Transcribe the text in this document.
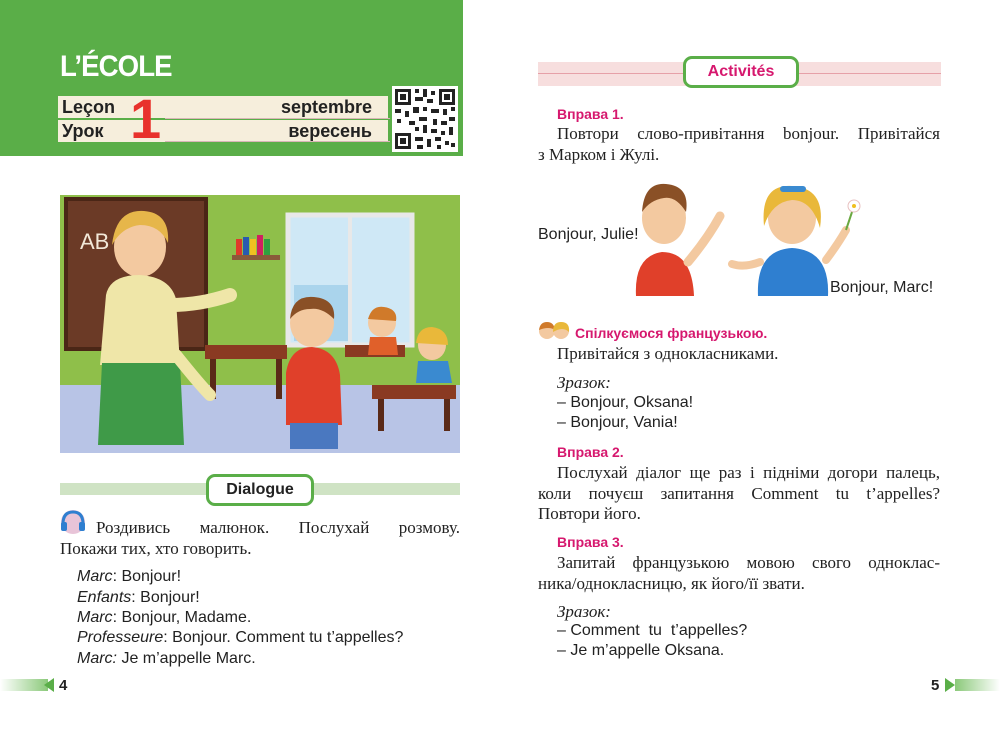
L’ÉCOLE
Leçon
Урок 1	septembre
вересень
AB
Dialogue
Роздивись малюнок. Послухай розмову.
Покажи тих, хто говорить.
Marc: Bonjour!
Enfants: Bonjour!
Marc: Bonjour, Madame.
Professeure: Bonjour. Comment tu t’appelles?
Marc: Je m’appelle Marc.
4
Activités
Вправа 1.
Повтори слово-привітання bonjour. Привітайся
з Марком і Жулі.
Bonjour, Julie!
Bonjour, Marc!
Спілкуємося французькою.
Привітайся з однокласниками.
Зразок:
– Bonjour, Oksana!
– Bonjour, Vania!
Вправа 2.
Послухай діалог ще раз і підніми догори палець,
коли почуєш запитання Comment tu t’appelles?
Повтори його.
Вправа 3.
Запитай французькою мовою свого одноклас-
ника/однокласницю, як його/її звати.
Зразок:
– Comment  tu  t’appelles?
– Je m’appelle Oksana.
5
